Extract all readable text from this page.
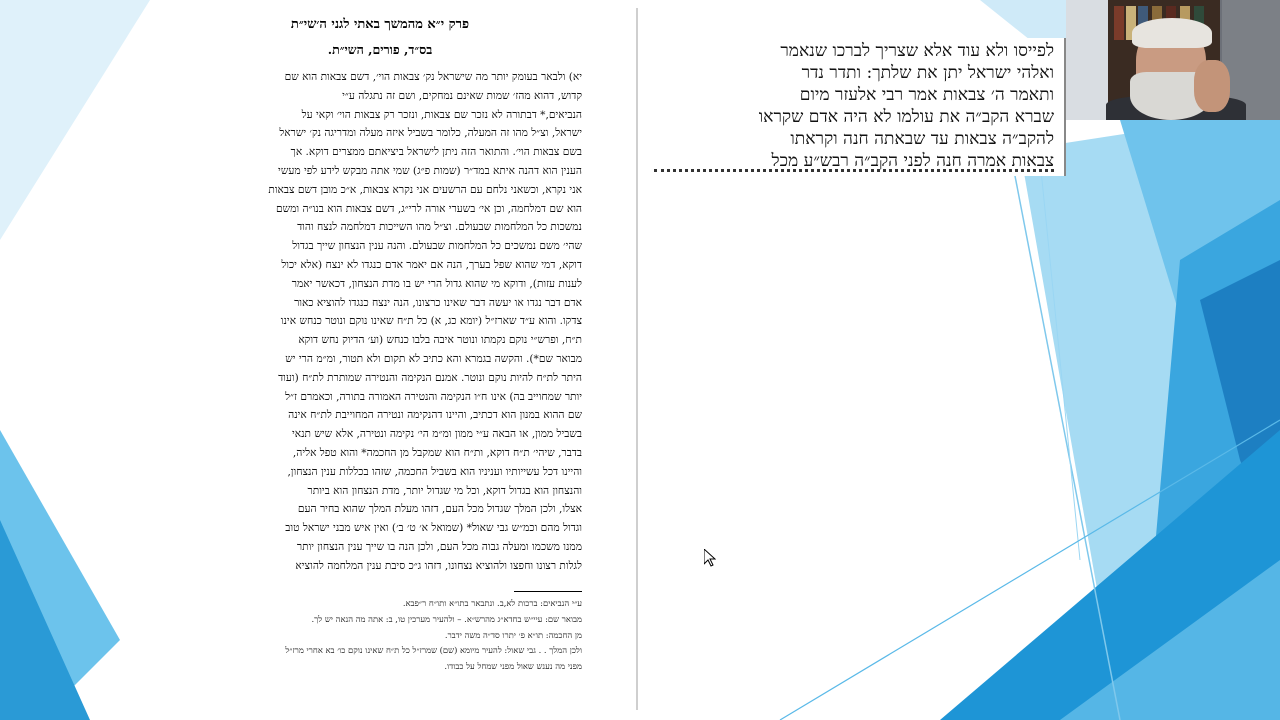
פרק י״א מהמשך באתי לגני ה׳שי״ת
בס״ד, פורים, השי״ת.
יא) ולבאר בעומק יותר מה שישראל נק׳ צבאות הוי׳, דשם צבאות הוא שם
קדוש, דהוא מהז׳ שמות שאינם נמחקים, ושם זה נתגלה ע״י
הנביאים,* דבתורה לא נזכר שם צבאות, ונזכר רק צבאות הוי׳ וקאי על
ישראל, וצ״ל מהו זה המעלה, כלומר בשביל איזה מעלה ומדריגה נק׳ ישראל
בשם צבאות הוי׳. והתואר הזה ניתן לישראל ביציאתם ממצרים דוקא. אך
הענין הוא דהנה איתא במד״ר (שמות פ״ג) שמי אתה מבקש לידע לפי מעשי
אני נקרא, וכשאני נלחם עם הרשעים אני נקרא צבאות, א״כ מובן דשם צבאות
הוא שם דמלחמה, וכן אי׳ בשערי אורה לרי״ג, דשם צבאות הוא בנו״ה ומשם
נמשכות כל המלחמות שבעולם. וצ״ל מהו השייכות דמלחמה לנצח והוד
שהי׳ משם נמשכים כל המלחמות שבעולם. והנה ענין הנצחון שייך בגדול
דוקא, דמי שהוא שפל בערך, הנה אם יאמר אדם כנגדו לא ינצח (אלא יכול
לענות עזות), ודוקא מי שהוא גדול הרי יש בו מדת הנצחון, דכאשר יאמר
אדם דבר נגדו או יעשה דבר שאינו כרצונו, הנה ינצח כנגדו להוציא כאור
צדקו. והוא ע״ד שארז״ל (יומא כג, א) כל ת״ח שאינו נוקם ונוטר כנחש אינו
ת״ח, ופרש״י נוקם נקמתו ונוטר איבה בלבו כנחש (וע׳ הדיוק נחש דוקא
מבואר שם*). והקשה בגמרא והא כתיב לא תקום ולא תטור, ומ״מ הרי יש
היתר לת״ח להיות נוקם ונוטר. אמנם הנקימה והנטירה שמותרת לת״ח (ועוד
יותר שמחוייב בה) אינו ח״ו הנקימה והנטירה האמורה בתורה, וכאמרם ז״ל
שם ההוא במנון הוא דכתיב, והיינו דהנקימה ונטירה המחוייבת לת״ח אינה
בשביל ממון, או הבאה ע״י ממון ומ״מ הי׳ נקימה ונטירה, אלא שיש תנאי
בדבר, שיהי׳ ת״ח דוקא, ות״ח הוא שמקבל מן החכמה* והוא טפל אליה,
והיינו דכל עשייותיו ועניניו הוא בשביל החכמה, שזהו בכללות ענין הנצחון,
והנצחון הוא בגדול דוקא, וכל מי שגדול יותר, מדת הנצחון הוא ביותר
אצלו, ולכן המלך שגדול מכל העם, דזהו מעלת המלך שהוא בחיר העם
וגדול מהם וכמ״ש גבי שאול* (שמואל א׳ ט׳ ב׳) ואין איש מבני ישראל טוב
ממנו משכמו ומעלה גבוה מכל העם, ולכן הנה בו שייך ענין הנצחון יותר
לגלות רצונו וחפצו ולהוציא נצחונו, דזהו ג״כ סיבת ענין המלחמה להוציא
ע״י הנביאים: ברכות לא,ב. ונתבאר בתו״א ותו״ח ר״פבא.
מבואר שם: עיי״ש בחדא״ג מהרש״א. – ולהעיר מערכין טו, ב: אתה מה הנאה יש לך.
מן החכמה: תו״א פ׳ יתרו סד״ה משה ידבר.
ולכן המלך . . גבי שאול: להעיר מיומא (שם) שמרז״ל כל ת״ח שאינו נוקם כו׳ בא אחרי מרז״ל
מפני מה נענש שאול מפני שמחל על כבודו.
לפייסו ולא עוד אלא שצריך לברכו שנאמר
ואלהי ישראל יתן את שלתך: ותדר נדר
ותאמר ה׳ צבאות אמר רבי אלעזר מיום
שברא הקב״ה את עולמו לא היה אדם שקראו
להקב״ה צבאות עד שבאתה חנה וקראתו
צבאות אמרה חנה לפני הקב״ה רבש״ע מכל
